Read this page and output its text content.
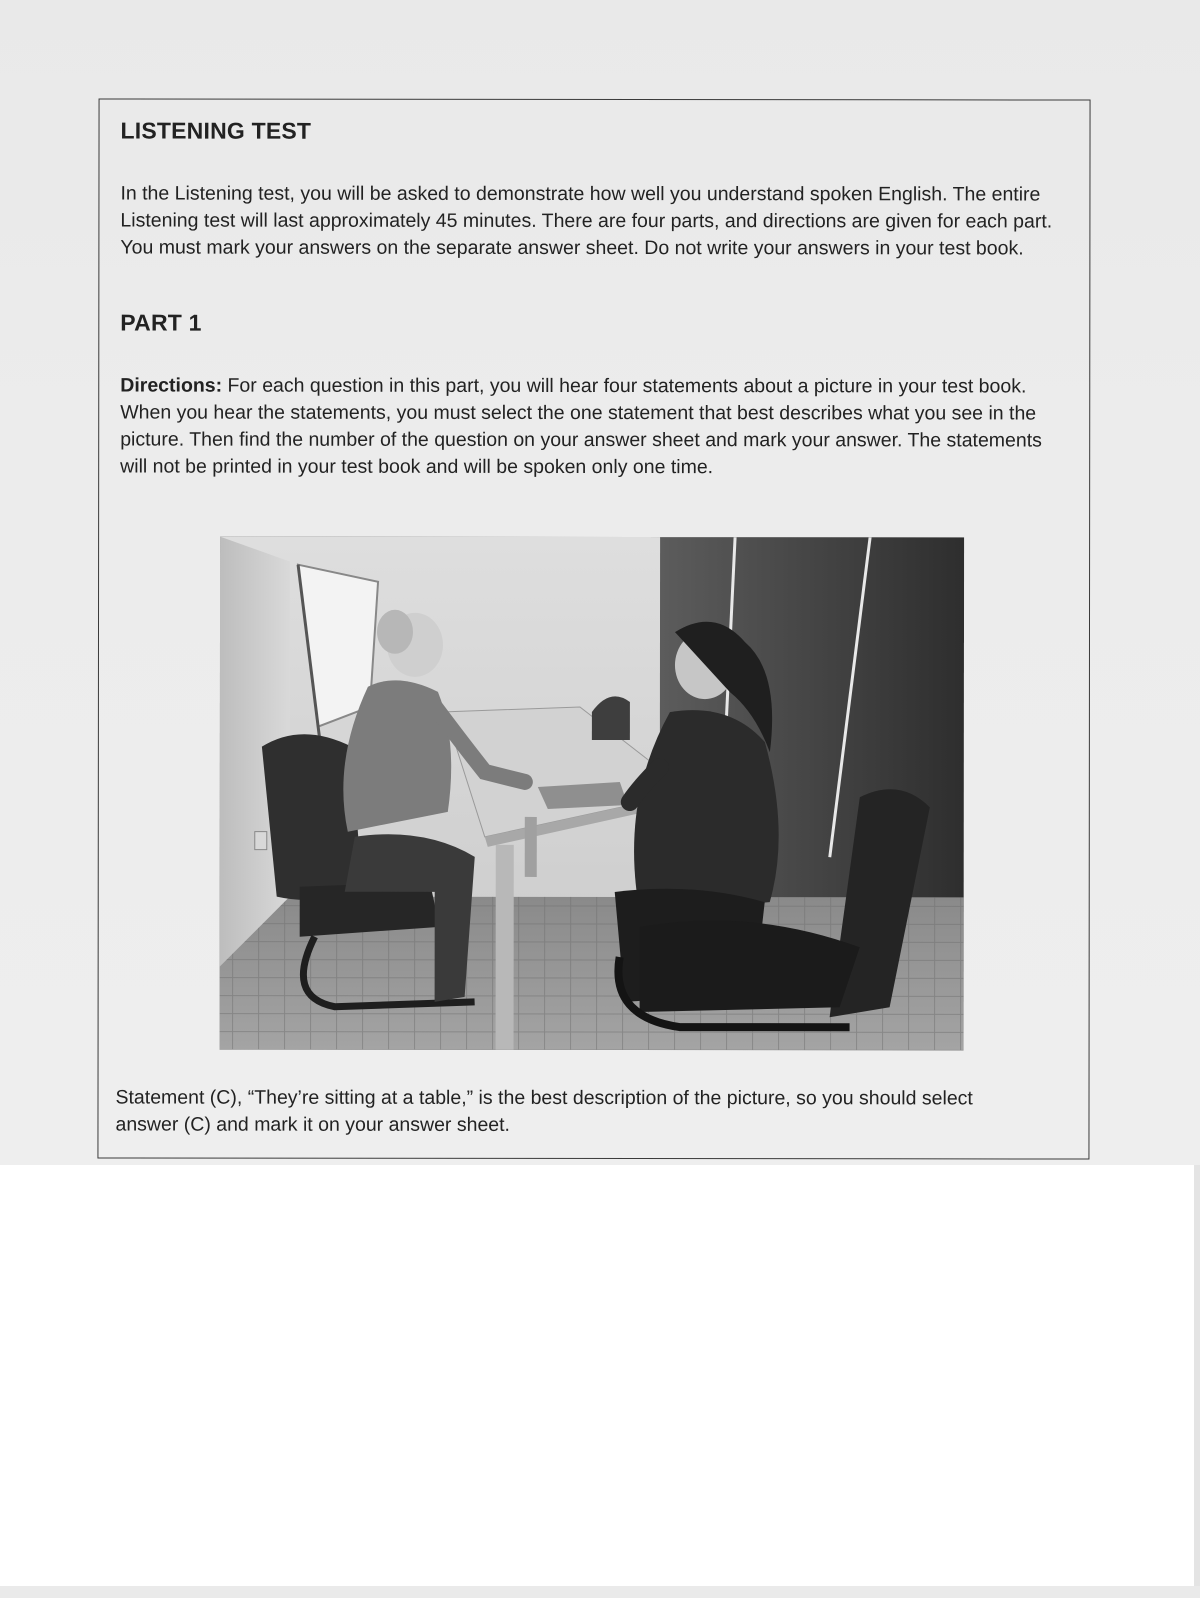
LISTENING TEST

In the Listening test, you will be asked to demonstrate how well you understand spoken English. The entire Listening test will last approximately 45 minutes. There are four parts, and directions are given for each part. You must mark your answers on the separate answer sheet. Do not write your answers in your test book.

PART 1

Directions: For each question in this part, you will hear four statements about a picture in your test book. When you hear the statements, you must select the one statement that best describes what you see in the picture. Then find the number of the question on your answer sheet and mark your answer. The statements will not be printed in your test book and will be spoken only one time.

Statement (C), “They’re sitting at a table,” is the best description of the picture, so you should select answer (C) and mark it on your answer sheet.
